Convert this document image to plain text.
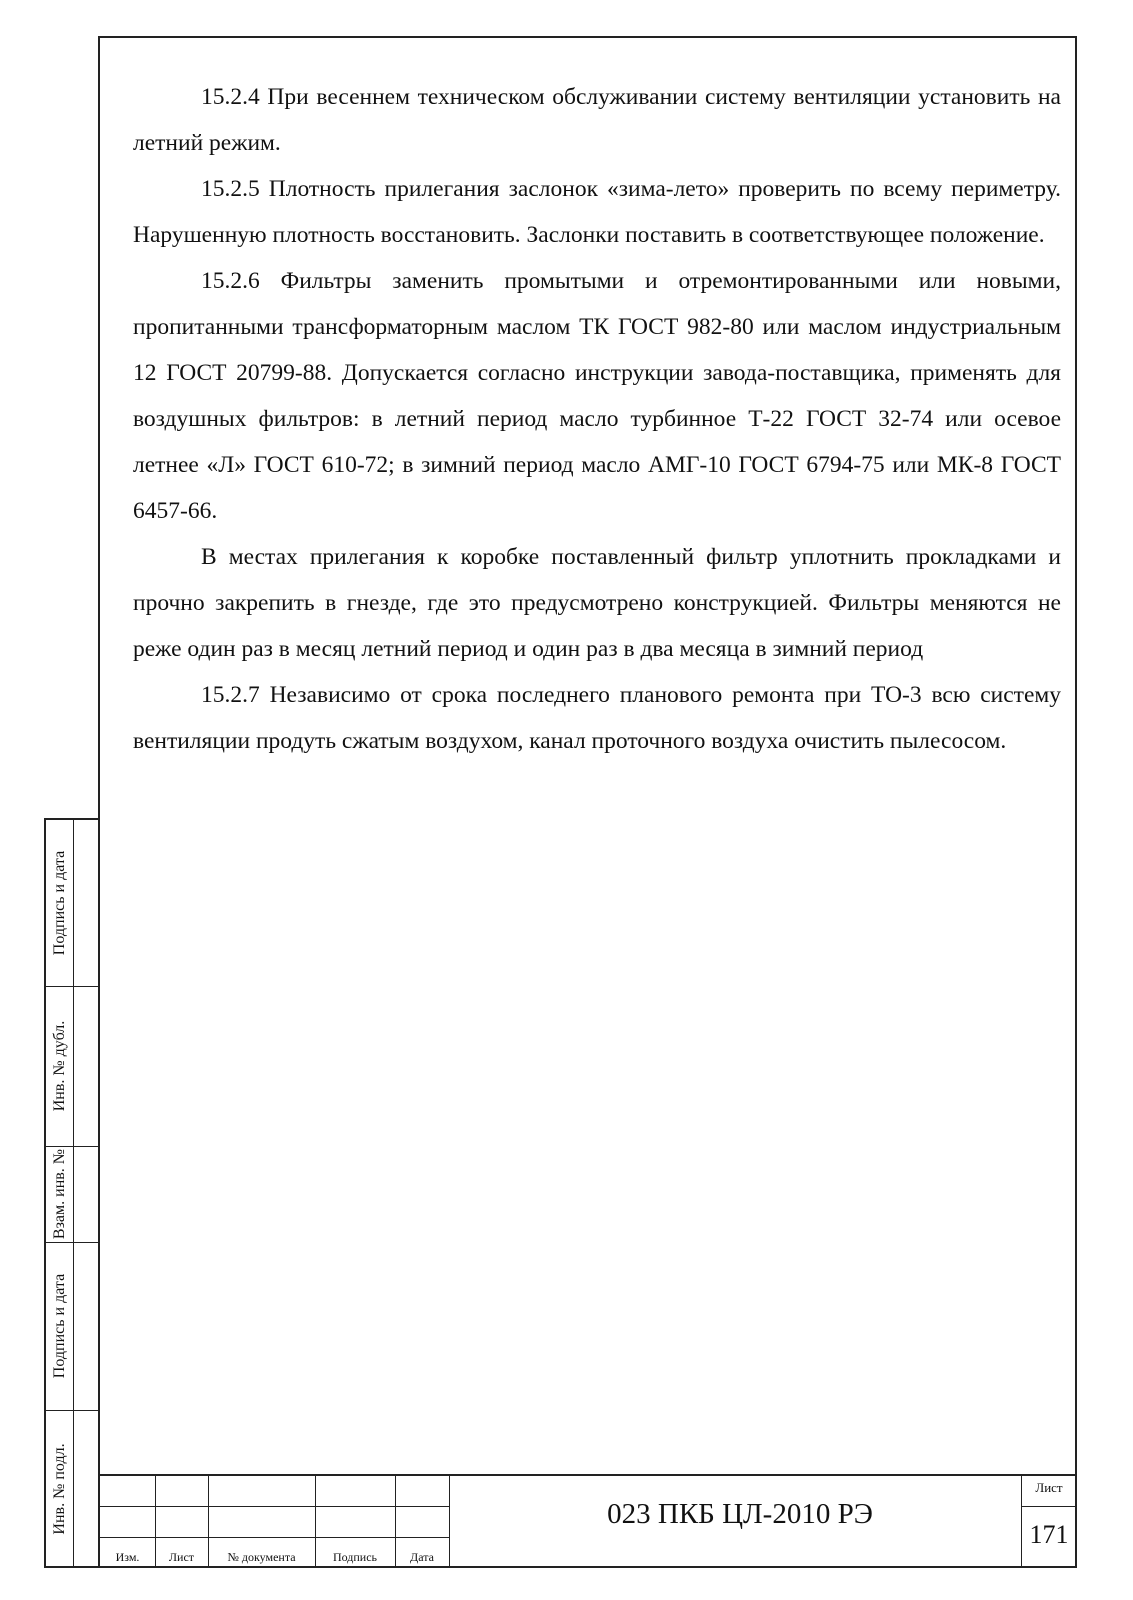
15.2.4 При весеннем техническом обслуживании систему вентиляции установить на летний режим.

15.2.5 Плотность прилегания заслонок «зима-лето» проверить по всему периметру. Нарушенную плотность восстановить. Заслонки поставить в соответствующее положение.

15.2.6 Фильтры заменить промытыми и отремонтированными или новыми, пропитанными трансформаторным маслом ТК ГОСТ 982-80 или маслом индустриальным 12 ГОСТ 20799-88. Допускается согласно инструкции завода-поставщика, применять для воздушных фильтров: в летний период масло турбинное Т-22 ГОСТ 32-74 или осевое летнее «Л» ГОСТ 610-72; в зимний период масло АМГ-10 ГОСТ 6794-75 или МК-8 ГОСТ 6457-66.

В местах прилегания к коробке поставленный фильтр уплотнить прокладками и прочно закрепить в гнезде, где это предусмотрено конструкцией. Фильтры меняются не реже один раз в месяц летний период и один раз в два месяца в зимний период

15.2.7 Независимо от срока последнего планового ремонта при ТО-3 всю систему вентиляции продуть сжатым воздухом, канал проточного воздуха очистить пылесосом.

Подпись и дата
Инв. № дубл.
Взам. инв. №
Подпись и дата
Инв. № подл.
Изм.	Лист	№ документа	Подпись	Дата
023 ПКБ ЦЛ-2010 РЭ
Лист
171
